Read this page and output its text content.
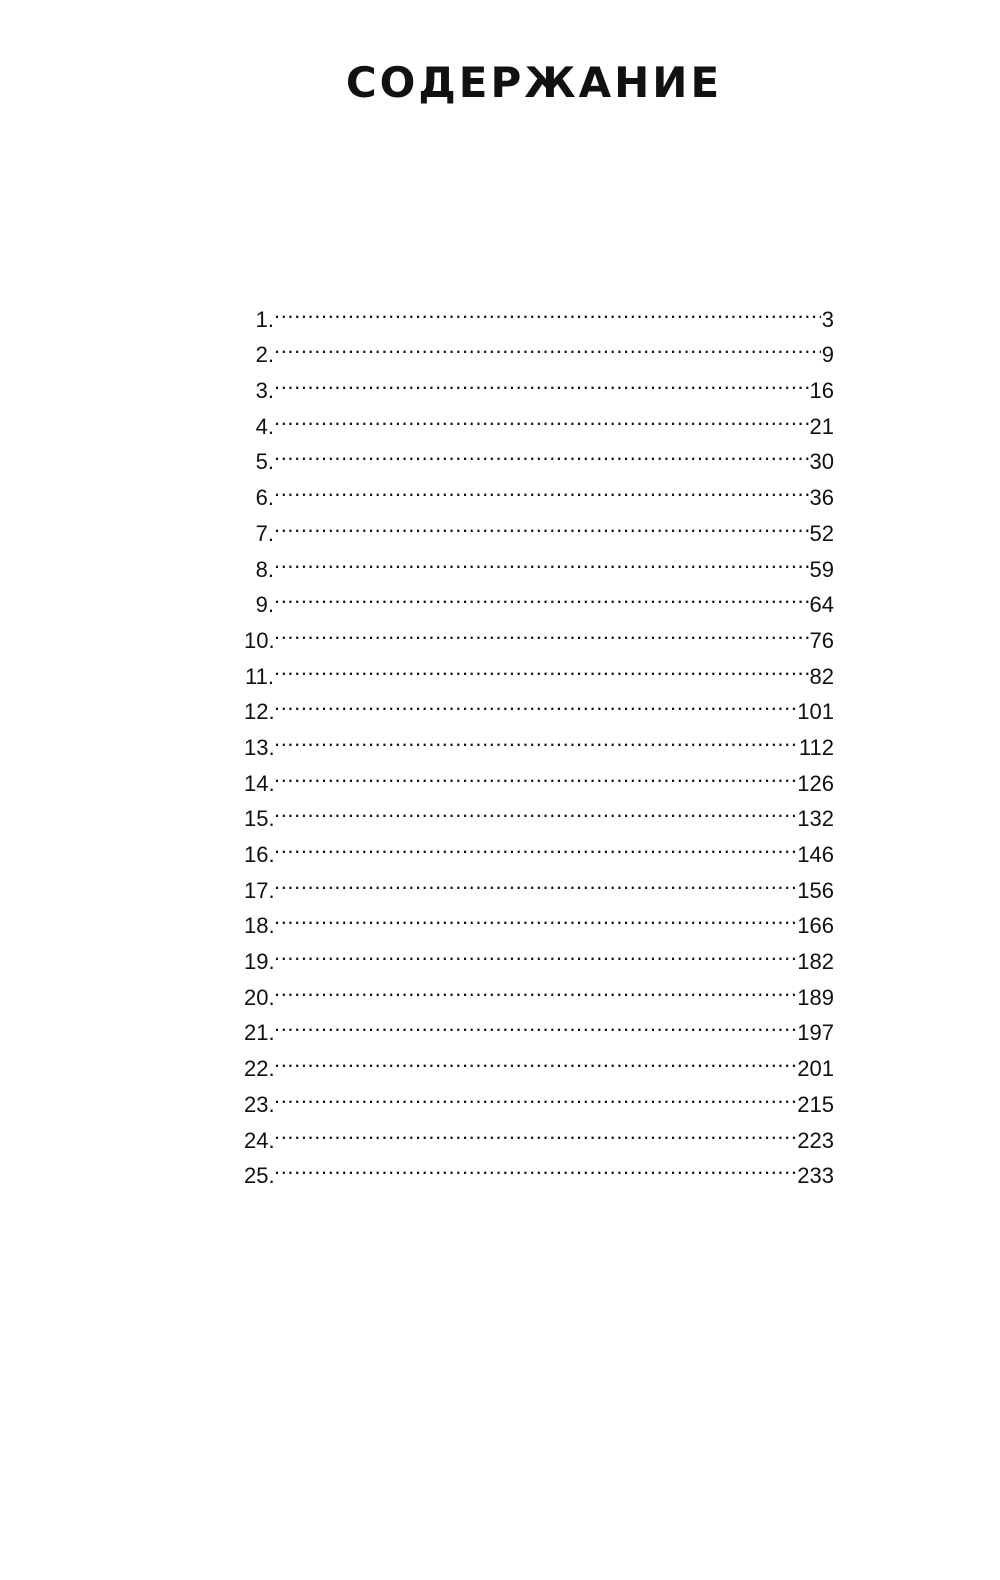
СОДЕРЖАНИЕ
1. .....	3
2. .....	9
3. .....	16
4. .....	21
5. .....	30
6. .....	36
7. .....	52
8. .....	59
9. .....	64
10. .....	76
11. .....	82
12. .....	101
13. .....	112
14. .....	126
15. .....	132
16. .....	146
17. .....	156
18. .....	166
19. .....	182
20. .....	189
21. .....	197
22. .....	201
23. .....	215
24. .....	223
25. .....	233
